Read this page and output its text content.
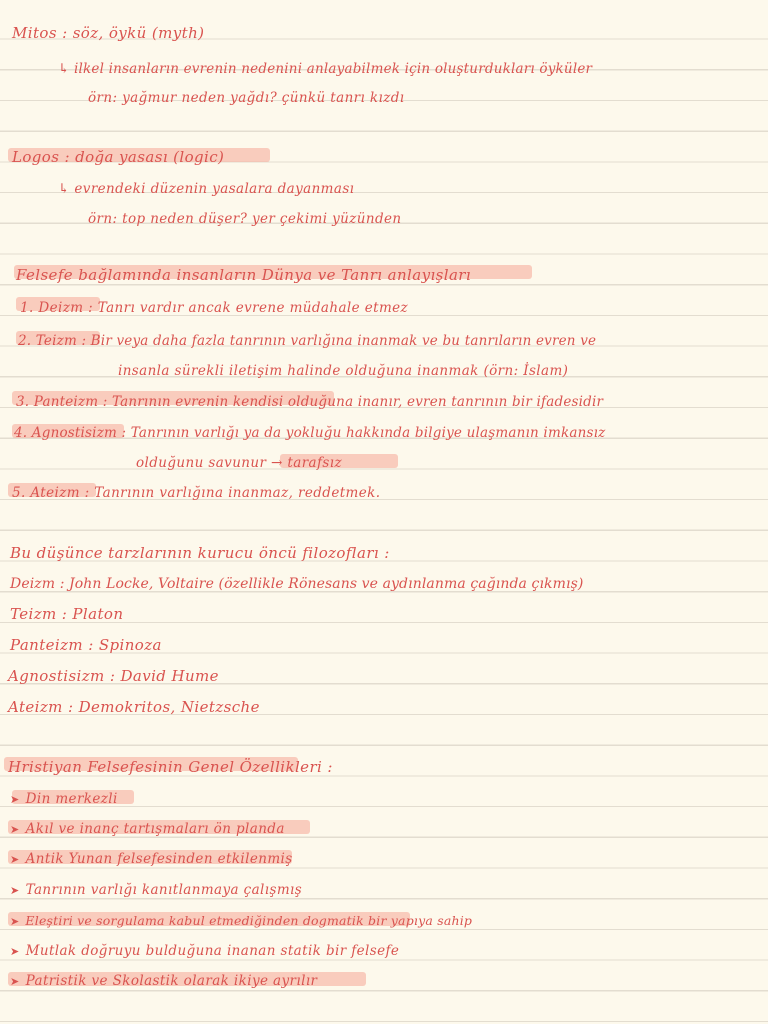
Mitos : söz, öykü (myth)
↳ ilkel insanların evrenin nedenini anlayabilmek için oluşturdukları öyküler
örn: yağmur neden yağdı? çünkü tanrı kızdı
Logos : doğa yasası (logic)
↳ evrendeki düzenin yasalara dayanması
örn: top neden düşer? yer çekimi yüzünden
Felsefe bağlamında insanların Dünya ve Tanrı anlayışları
1. Deizm : Tanrı vardır ancak evrene müdahale etmez
2. Teizm : Bir veya daha fazla tanrının varlığına inanmak ve bu tanrıların evren ve
insanla sürekli iletişim halinde olduğuna inanmak (örn: İslam)
3. Panteizm : Tanrının evrenin kendisi olduğuna inanır, evren tanrının bir ifadesidir
4. Agnostisizm : Tanrının varlığı ya da yokluğu hakkında bilgiye ulaşmanın imkansız
olduğunu savunur → tarafsız
5. Ateizm : Tanrının varlığına inanmaz, reddetmek.
Bu düşünce tarzlarının kurucu öncü filozofları :
Deizm : John Locke, Voltaire (özellikle Rönesans ve aydınlanma çağında çıkmış)
Teizm : Platon
Panteizm : Spinoza
Agnostisizm : David Hume
Ateizm : Demokritos, Nietzsche
Hristiyan Felsefesinin Genel Özellikleri :
➤ Din merkezli
➤ Akıl ve inanç tartışmaları ön planda
➤ Antik Yunan felsefesinden etkilenmiş
➤ Tanrının varlığı kanıtlanmaya çalışmış
➤ Eleştiri ve sorgulama kabul etmediğinden dogmatik bir yapıya sahip
➤ Mutlak doğruyu bulduğuna inanan statik bir felsefe
➤ Patristik ve Skolastik olarak ikiye ayrılır
